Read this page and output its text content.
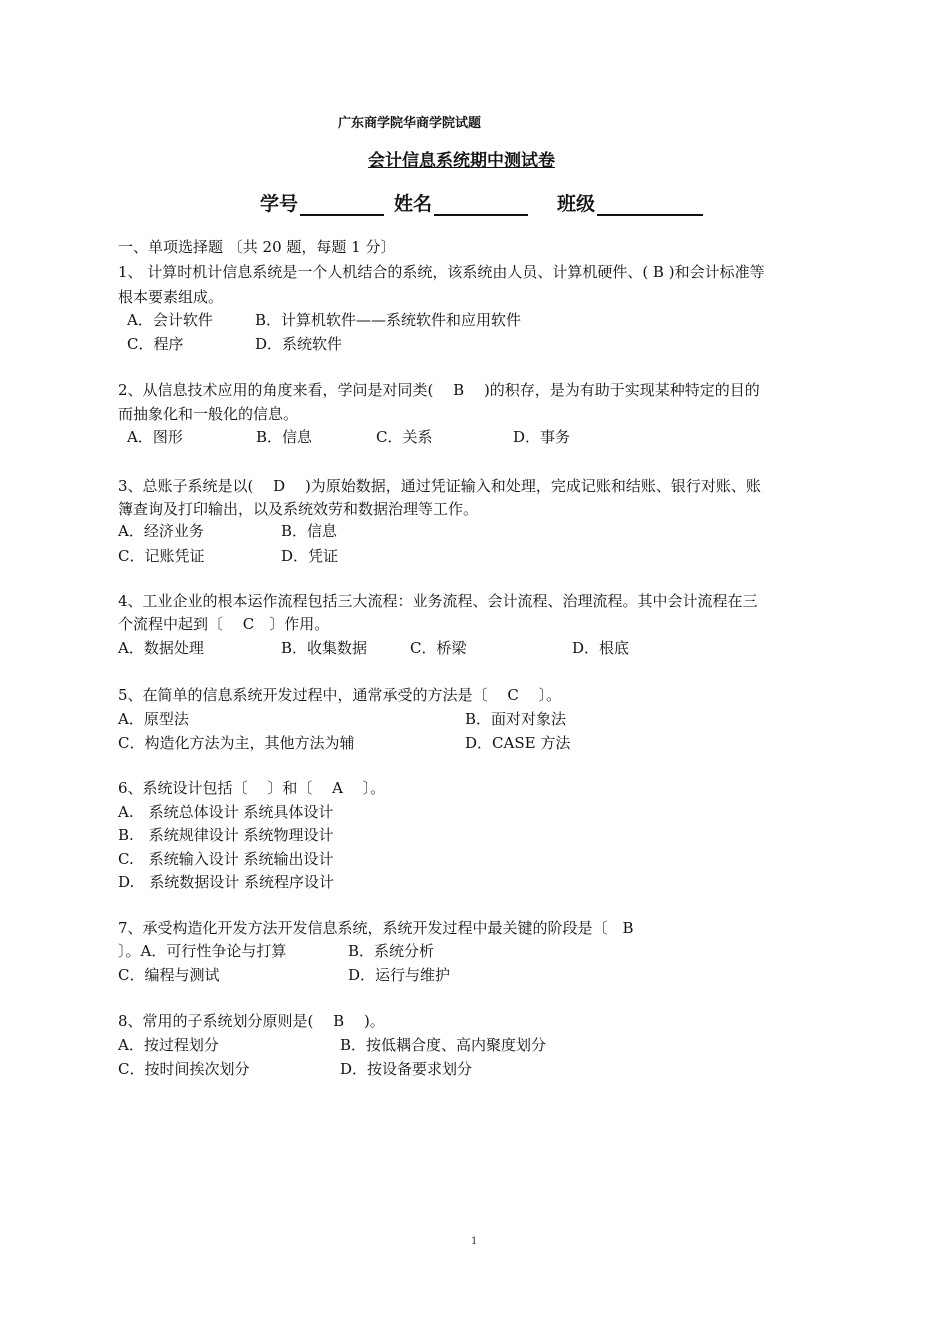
广东商学院华商学院试题
会计信息系统期中测试卷
学号	姓名	班级
一、单项选择题 〔共 20 题，每题 1 分〕
1、 计算时机计信息系统是一个人机结合的系统，该系统由人员、计算机硬件、( B )和会计标准等
根本要素组成。
A．会计软件	B．计算机软件——系统软件和应用软件
C．程序	D．系统软件
2、从信息技术应用的角度来看，学问是对同类(　 B　 )的积存，是为有助于实现某种特定的目的
而抽象化和一般化的信息。
A．图形	B．信息	C．关系	D．事务
3、总账子系统是以(　 D　 )为原始数据，通过凭证输入和处理，完成记账和结账、银行对账、账
簿查询及打印输出，以及系统效劳和数据治理等工作。
A．经济业务	B．信息
C．记账凭证	D．凭证
4、工业企业的根本运作流程包括三大流程：业务流程、会计流程、治理流程。其中会计流程在三
个流程中起到〔　 C　〕作用。
A．数据处理	B．收集数据	C．桥梁	D．根底
5、在简单的信息系统开发过程中，通常承受的方法是〔　 C　 〕。
A．原型法	B．面对对象法
C．构造化方法为主，其他方法为辅	D．CASE 方法
6、系统设计包括〔　 〕和〔　 A　 〕。
A.　系统总体设计 系统具体设计
B.　系统规律设计 系统物理设计
C.　系统输入设计 系统输出设计
D.　系统数据设计 系统程序设计
7、承受构造化开发方法开发信息系统，系统开发过程中最关键的阶段是〔　B
〕。A．可行性争论与打算	B．系统分析
C．编程与测试	D．运行与维护
8、常用的子系统划分原则是(　 B　 )。
A．按过程划分	B．按低耦合度、高内聚度划分
C．按时间挨次划分	D．按设备要求划分
1
